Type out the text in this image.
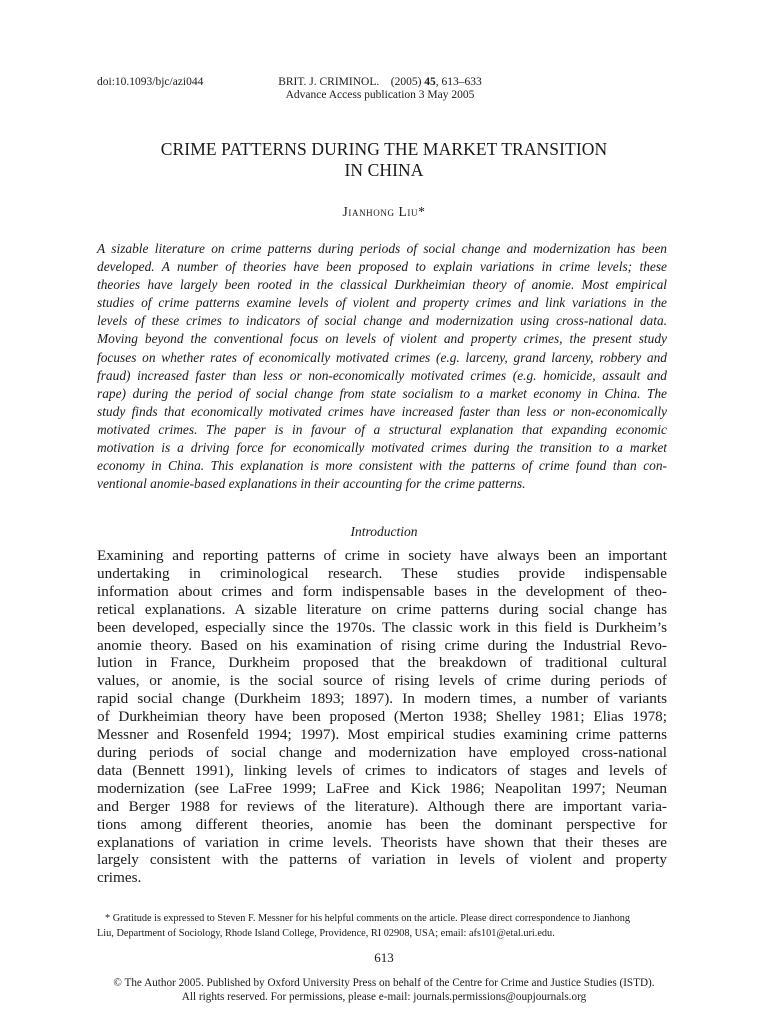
doi:10.1093/bjc/azi044	BRIT. J. CRIMINOL. (2005) 45, 613–633
Advance Access publication 3 May 2005
CRIME PATTERNS DURING THE MARKET TRANSITION
IN CHINA
Jianhong Liu*
A sizable literature on crime patterns during periods of social change and modernization has been
developed. A number of theories have been proposed to explain variations in crime levels; these
theories have largely been rooted in the classical Durkheimian theory of anomie. Most empirical
studies of crime patterns examine levels of violent and property crimes and link variations in the
levels of these crimes to indicators of social change and modernization using cross-national data.
Moving beyond the conventional focus on levels of violent and property crimes, the present study
focuses on whether rates of economically motivated crimes (e.g. larceny, grand larceny, robbery and
fraud) increased faster than less or non-economically motivated crimes (e.g. homicide, assault and
rape) during the period of social change from state socialism to a market economy in China. The
study finds that economically motivated crimes have increased faster than less or non-economically
motivated crimes. The paper is in favour of a structural explanation that expanding economic
motivation is a driving force for economically motivated crimes during the transition to a market
economy in China. This explanation is more consistent with the patterns of crime found than con-
ventional anomie-based explanations in their accounting for the crime patterns.
Introduction
Examining and reporting patterns of crime in society have always been an important
undertaking in criminological research. These studies provide indispensable
information about crimes and form indispensable bases in the development of theo-
retical explanations. A sizable literature on crime patterns during social change has
been developed, especially since the 1970s. The classic work in this field is Durkheim’s
anomie theory. Based on his examination of rising crime during the Industrial Revo-
lution in France, Durkheim proposed that the breakdown of traditional cultural
values, or anomie, is the social source of rising levels of crime during periods of
rapid social change (Durkheim 1893; 1897). In modern times, a number of variants
of Durkheimian theory have been proposed (Merton 1938; Shelley 1981; Elias 1978;
Messner and Rosenfeld 1994; 1997). Most empirical studies examining crime patterns
during periods of social change and modernization have employed cross-national
data (Bennett 1991), linking levels of crimes to indicators of stages and levels of
modernization (see LaFree 1999; LaFree and Kick 1986; Neapolitan 1997; Neuman
and Berger 1988 for reviews of the literature). Although there are important varia-
tions among different theories, anomie has been the dominant perspective for
explanations of variation in crime levels. Theorists have shown that their theses are
largely consistent with the patterns of variation in levels of violent and property
crimes.
* Gratitude is expressed to Steven F. Messner for his helpful comments on the article. Please direct correspondence to Jianhong
Liu, Department of Sociology, Rhode Island College, Providence, RI 02908, USA; email: afs101@etal.uri.edu.
613
© The Author 2005. Published by Oxford University Press on behalf of the Centre for Crime and Justice Studies (ISTD).
All rights reserved. For permissions, please e-mail: journals.permissions@oupjournals.org
